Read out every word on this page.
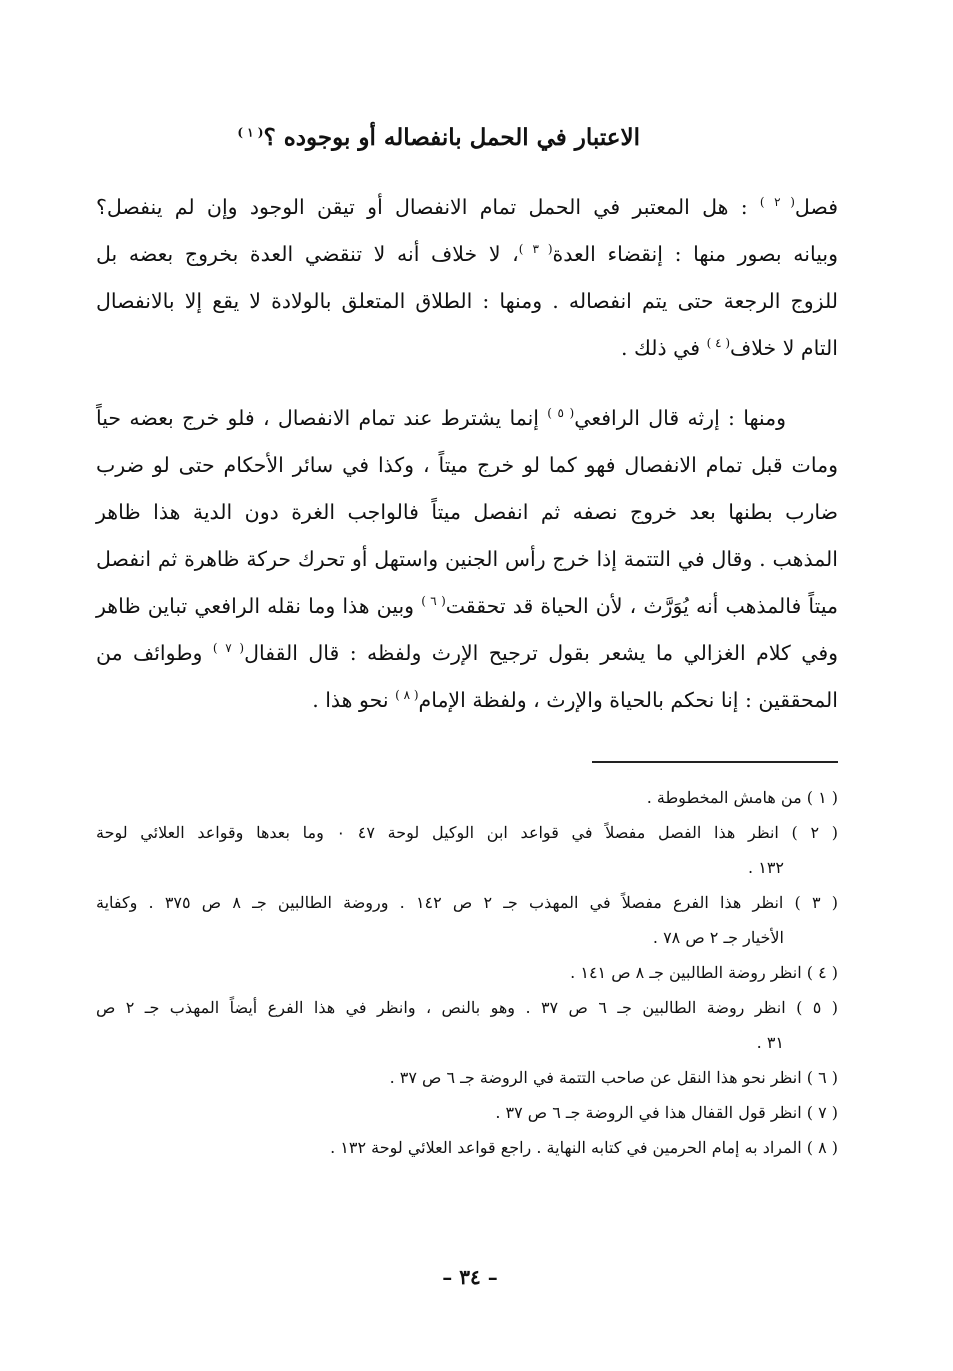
الاعتبار في الحمل بانفصاله أو بوجوده ؟$^{( ١ )}$
فصل$^{( ٢ )}$ : هل المعتبر في الحمل تمام الانفصال أو تيقن الوجود وإن لم ينفصل؟
وبيانه بصور منها : إنقضاء العدة$^{( ٣ )}$، لا خلاف أنه لا تنقضي العدة بخروج بعضه بل
للزوج الرجعة حتى يتم انفصاله . ومنها : الطلاق المتعلق بالولادة لا يقع إلا بالانفصال
التام لا خلاف$^{( ٤ )}$ في ذلك .
ومنها : إرثه قال الرافعي$^{( ٥ )}$ إنما يشترط عند تمام الانفصال ، فلو خرج بعضه حياً
ومات قبل تمام الانفصال فهو كما لو خرج ميتاً ، وكذا في سائر الأحكام حتى لو ضرب
ضارب بطنها بعد خروج نصفه ثم انفصل ميتاً فالواجب الغرة دون الدية هذا ظاهر
المذهب . وقال في التتمة إذا خرج رأس الجنين واستهل أو تحرك حركة ظاهرة ثم انفصل
ميتاً فالمذهب أنه يُوَرَّث ، لأن الحياة قد تحققت$^{( ٦ )}$ وبين هذا وما نقله الرافعي تباين ظاهر
وفي كلام الغزالي ما يشعر بقول ترجيح الإرث ولفظه : قال القفال$^{( ٧ )}$ وطوائف من
المحققين : إنا نحكم بالحياة والإرث ، ولفظة الإمام$^{( ٨ )}$ نحو هذا .
( ١ ) من هامش المخطوطة .
( ٢ ) انظر هذا الفصل مفصلاً في قواعد ابن الوكيل لوحة ٤٧ ٠ وما بعدها وقواعد العلائي لوحة
١٣٢ .
( ٣ ) انظر هذا الفرع مفصلاً في المهذب جـ ٢ ص ١٤٢ . وروضة الطالبين جـ ٨ ص ٣٧٥ . وكفاية
الأخيار جـ ٢ ص ٧٨ .
( ٤ ) انظر روضة الطالبين جـ ٨ ص ١٤١ .
( ٥ ) انظر روضة الطالبين جـ ٦ ص ٣٧ . وهو بالنص ، وانظر في هذا الفرع أيضاً المهذب جـ ٢ ص
٣١ .
( ٦ ) انظر نحو هذا النقل عن صاحب التتمة في الروضة جـ ٦ ص ٣٧ .
( ٧ ) انظر قول القفال هذا في الروضة جـ ٦ ص ٣٧ .
( ٨ ) المراد به إمام الحرمين في كتابه النهاية . راجع قواعد العلائي لوحة ١٣٢ .
– ٣٤ –
